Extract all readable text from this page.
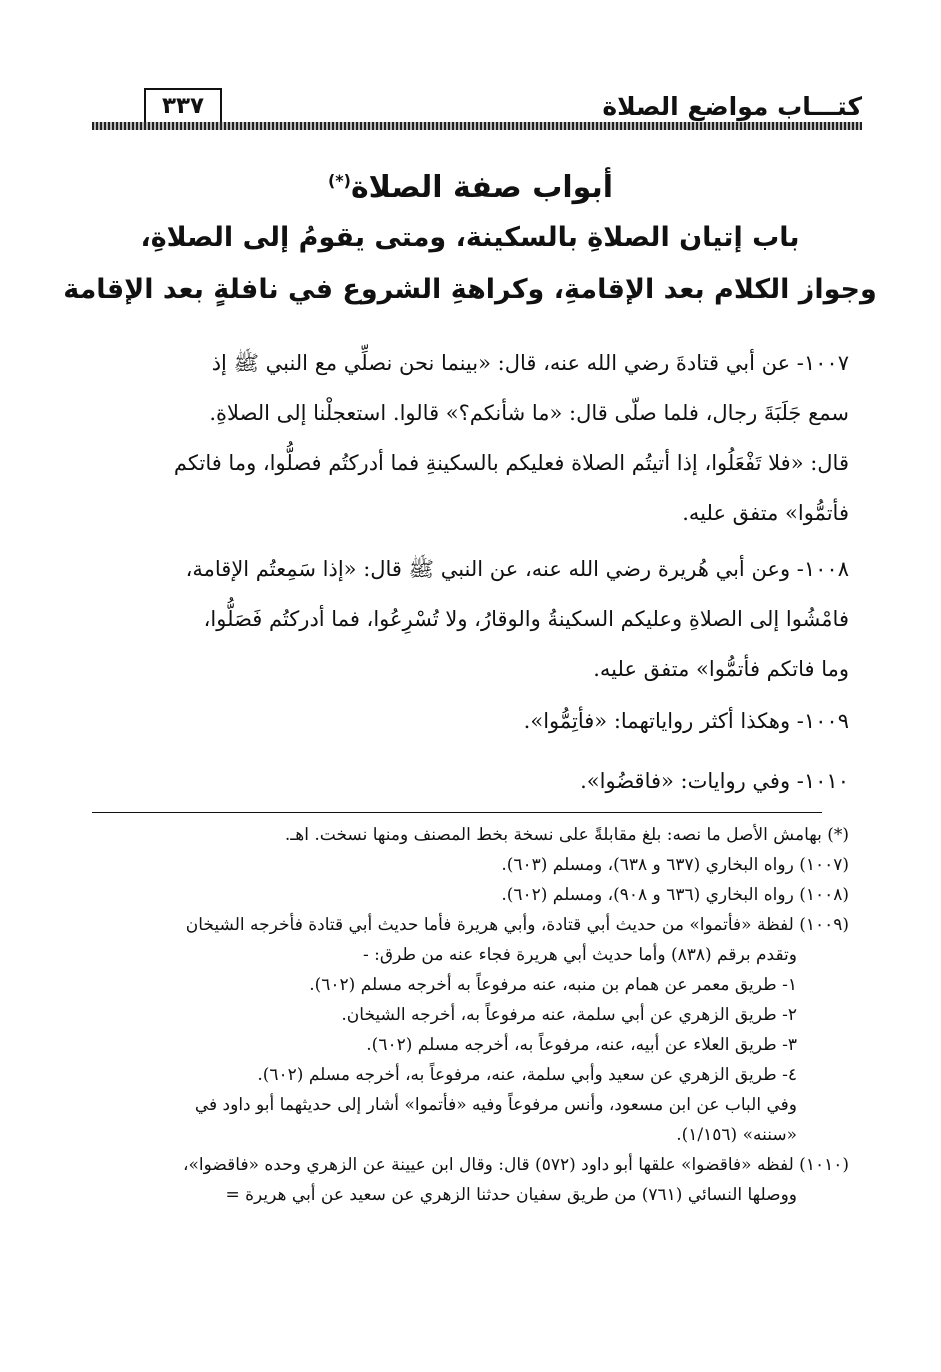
كتـــاب مواضع الصلاة
٣٣٧
أبواب صفة الصلاة(*)
باب إتيان الصلاةِ بالسكينة، ومتى يقومُ إلى الصلاةِ،
وجواز الكلام بعد الإقامةِ، وكراهةِ الشروع في نافلةٍ بعد الإقامة

١٠٠٧- عن أبي قتادةَ رضي الله عنه، قال: «بينما نحن نصلِّي مع النبي ﷺ إذ

سمع جَلَبَةَ رجال، فلما صلّى قال: «ما شأنكم؟» قالوا. استعجلْنا إلى الصلاةِ.

قال: «فلا تَفْعَلُوا، إذا أتيتُم الصلاة فعليكم بالسكينةِ فما أدركتُم فصلُّوا، وما فاتكم

فأتمُّوا» متفق عليه.

١٠٠٨- وعن أبي هُريرة رضي الله عنه، عن النبي ﷺ قال: «إذا سَمِعتُم الإقامة،

فامْشُوا إلى الصلاةِ وعليكم السكينةُ والوقارُ، ولا تُسْرِعُوا، فما أدركتُم فَصَلُّوا،

وما فاتكم فأتمُّوا» متفق عليه.

١٠٠٩- وهكذا أكثر رواياتهما: «فأتِمُّوا».

١٠١٠- وفي روايات: «فاقضُوا».

(*) بهامش الأصل ما نصه: بلغ مقابلةً على نسخة بخط المصنف ومنها نسخت. اهـ.
(١٠٠٧) رواه البخاري (٦٣٧ و ٦٣٨)، ومسلم (٦٠٣).
(١٠٠٨) رواه البخاري (٦٣٦ و ٩٠٨)، ومسلم (٦٠٢).
(١٠٠٩) لفظة «فأتموا» من حديث أبي قتادة، وأبي هريرة فأما حديث أبي قتادة فأخرجه الشيخان
وتقدم برقم (٨٣٨) وأما حديث أبي هريرة فجاء عنه من طرق: -
١- طريق معمر عن همام بن منبه، عنه مرفوعاً به أخرجه مسلم (٦٠٢).
٢- طريق الزهري عن أبي سلمة، عنه مرفوعاً به، أخرجه الشيخان.
٣- طريق العلاء عن أبيه، عنه، مرفوعاً به، أخرجه مسلم (٦٠٢).
٤- طريق الزهري عن سعيد وأبي سلمة، عنه، مرفوعاً به، أخرجه مسلم (٦٠٢).
وفي الباب عن ابن مسعود، وأنس مرفوعاً وفيه «فأتموا» أشار إلى حديثهما أبو داود في
«سننه» (١/١٥٦).
(١٠١٠) لفظه «فاقضوا» علقها أبو داود (٥٧٢) قال: وقال ابن عيينة عن الزهري وحده «فاقضوا»،
ووصلها النسائي (٧٦١) من طريق سفيان حدثنا الزهري عن سعيد عن أبي هريرة =
